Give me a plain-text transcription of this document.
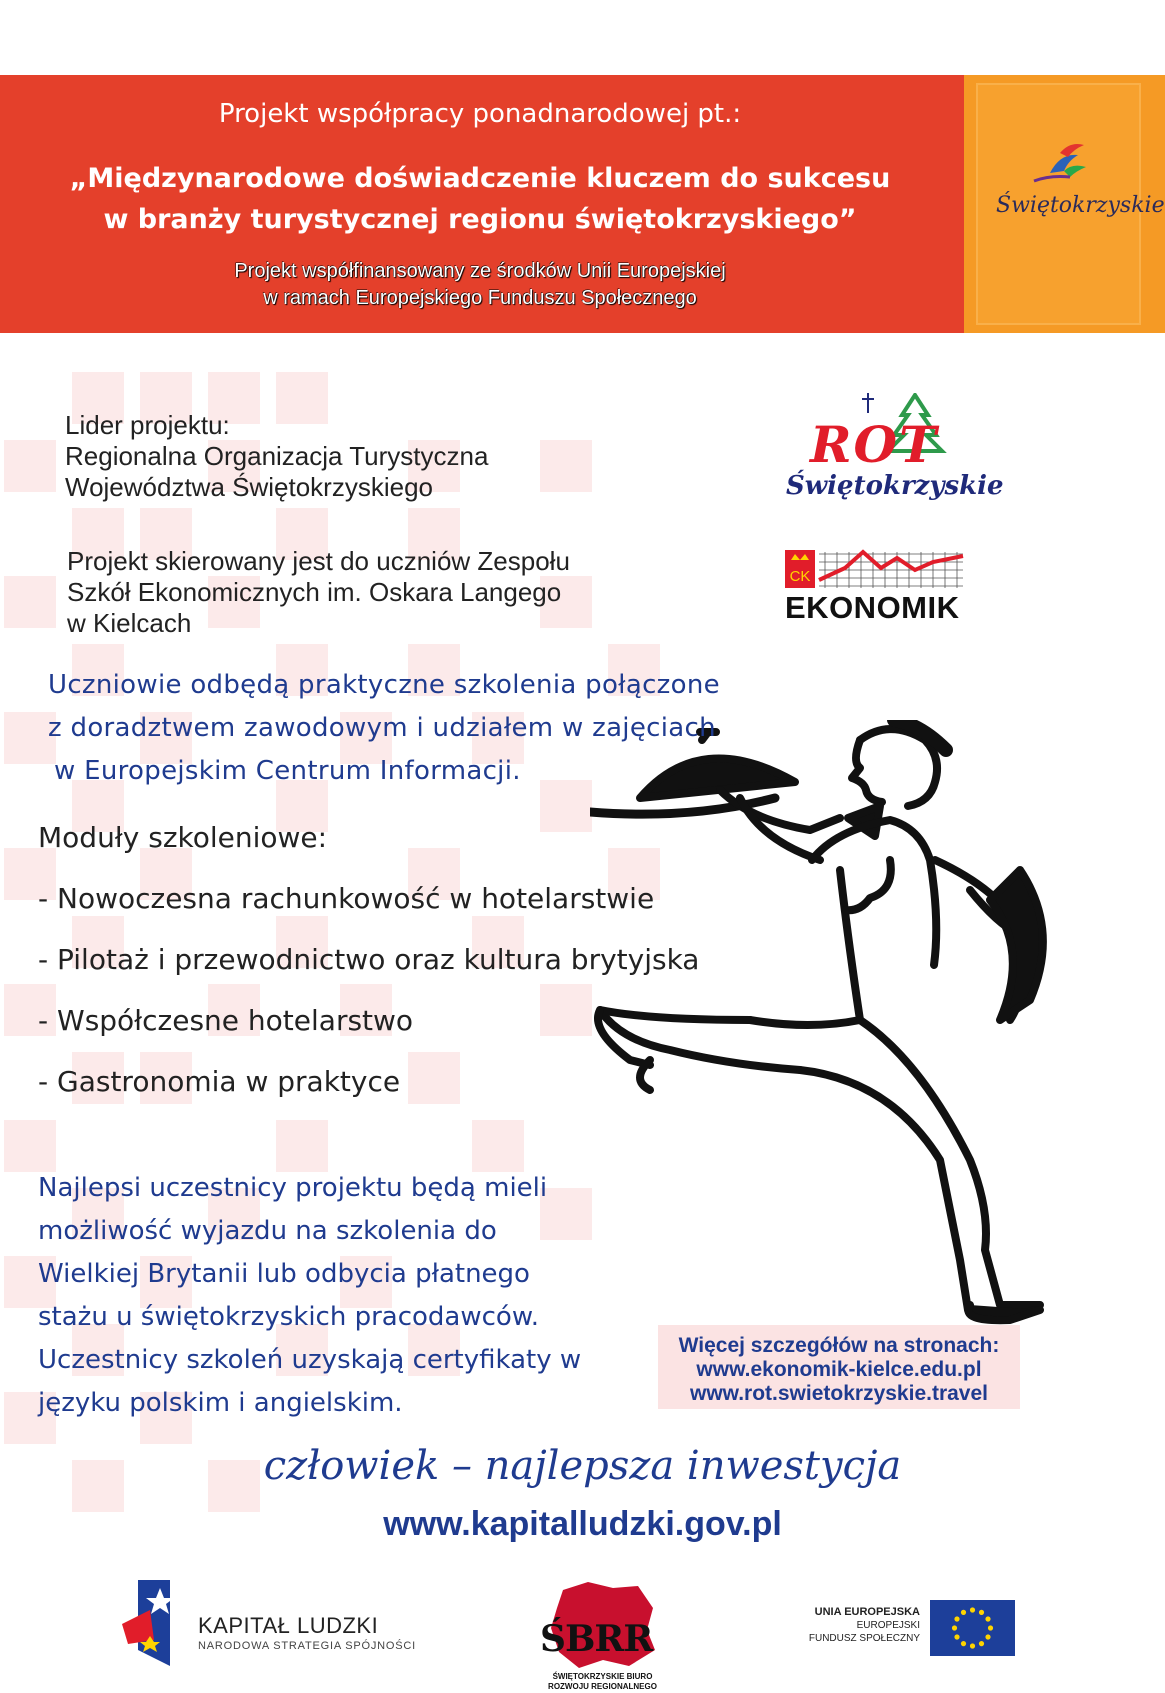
Projekt współpracy ponadnarodowej pt.:
„Międzynarodowe doświadczenie kluczem do sukcesu
w branży turystycznej regionu świętokrzyskiego”
Projekt współfinansowany ze środków Unii Europejskiej
w ramach Europejskiego Funduszu Społecznego
Świętokrzyskie
Lider projektu:
Regionalna Organizacja Turystyczna
Województwa Świętokrzyskiego
ROT
Świętokrzyskie
Projekt skierowany jest do uczniów Zespołu
Szkół Ekonomicznych im. Oskara Langego
w Kielcach
CK
EKONOMIK
Uczniowie odbędą praktyczne szkolenia połączone
z doradztwem zawodowym i udziałem w zajęciach
w Europejskim Centrum Informacji.
Moduły szkoleniowe:
- Nowoczesna rachunkowość w hotelarstwie
- Pilotaż i przewodnictwo oraz kultura brytyjska
- Współczesne hotelarstwo
- Gastronomia w praktyce
Najlepsi uczestnicy projektu będą mieli
możliwość wyjazdu na szkolenia do
Wielkiej Brytanii lub odbycia płatnego
stażu u świętokrzyskich pracodawców.
Uczestnicy szkoleń uzyskają certyfikaty w
języku polskim i angielskim.
Więcej szczegółów na stronach:
www.ekonomik-kielce.edu.pl
www.rot.swietokrzyskie.travel
człowiek – najlepsza inwestycja
www.kapitalludzki.gov.pl
KAPITAŁ LUDZKI
NARODOWA STRATEGIA SPÓJNOŚCI	ŚBRR
ŚWIĘTOKRZYSKIE BIURO
ROZWOJU REGIONALNEGO
UNIA EUROPEJSKA
EUROPEJSKI
FUNDUSZ SPOŁECZNY
